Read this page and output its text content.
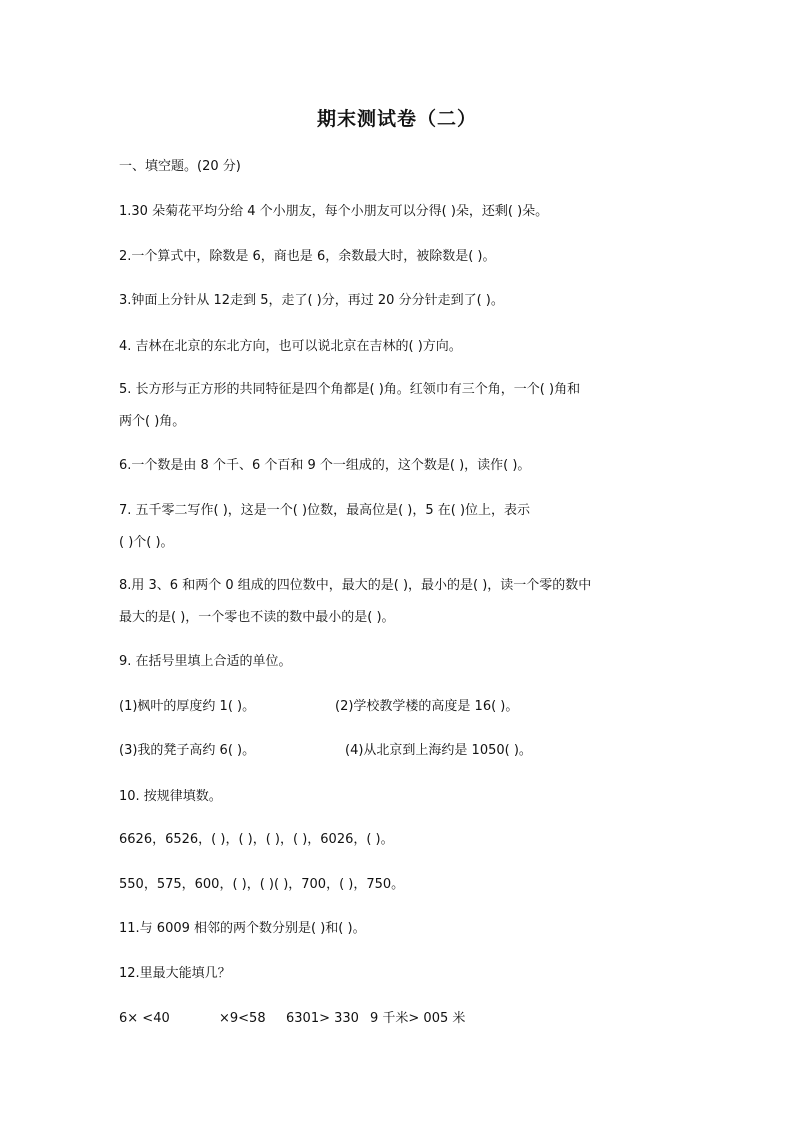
期末测试卷（二）
一、填空题。(20 分)
1.30 朵菊花平均分给 4 个小朋友，每个小朋友可以分得( )朵，还剩( )朵。
2.一个算式中，除数是 6，商也是 6，余数最大时，被除数是( )。
3.钟面上分针从 12走到 5，走了( )分，再过 20 分分针走到了( )。
4. 吉林在北京的东北方向，也可以说北京在吉林的( )方向。
5. 长方形与正方形的共同特征是四个角都是( )角。红领巾有三个角，一个( )角和
两个( )角。
6.一个数是由 8 个千、6 个百和 9 个一组成的，这个数是( )，读作( )。
7. 五千零二写作( )，这是一个( )位数，最高位是( )，5 在( )位上，表示
( )个( )。
8.用 3、6 和两个 0 组成的四位数中，最大的是( )，最小的是( )，读一个零的数中
最大的是( )，一个零也不读的数中最小的是( )。
9. 在括号里填上合适的单位。
(1)枫叶的厚度约 1( )。	(2)学校教学楼的高度是 16( )。
(3)我的凳子高约 6( )。	(4)从北京到上海约是 1050( )。
10. 按规律填数。
6626，6526，( )，( )，( )，( )，6026，( )。
550，575，600，( )，( )( )，700，( )，750。
11.与 6009 相邻的两个数分别是( )和( )。
12.里最大能填几？
6× <40	×9<58 6301> 330 9 千米> 005 米
